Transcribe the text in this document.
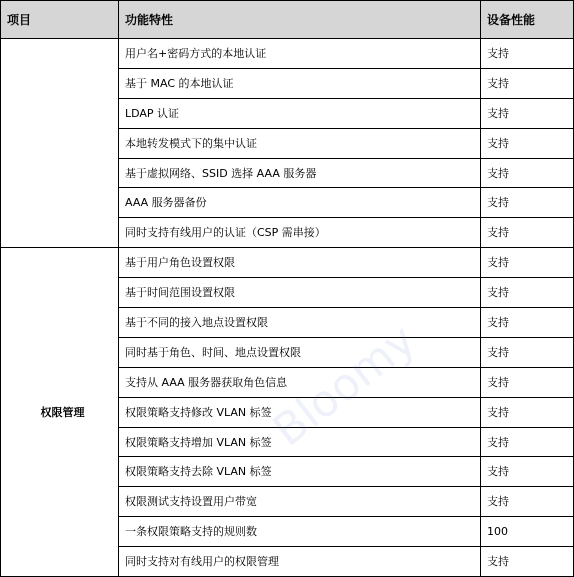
项目	功能特性	设备性能
	用户名+密码方式的本地认证	支持
	基于 MAC 的本地认证	支持
	LDAP 认证	支持
	本地转发模式下的集中认证	支持
	基于虚拟网络、SSID 选择 AAA 服务器	支持
	AAA 服务器备份	支持
	同时支持有线用户的认证（CSP 需串接）	支持
权限管理	基于用户角色设置权限	支持
	基于时间范围设置权限	支持
	基于不同的接入地点设置权限	支持
	同时基于角色、时间、地点设置权限	支持
	支持从 AAA 服务器获取角色信息	支持
	权限策略支持修改 VLAN 标签	支持
	权限策略支持增加 VLAN 标签	支持
	权限策略支持去除 VLAN 标签	支持
	权限测试支持设置用户带宽	支持
	一条权限策略支持的规则数	100
	同时支持对有线用户的权限管理	支持
Bloomy
